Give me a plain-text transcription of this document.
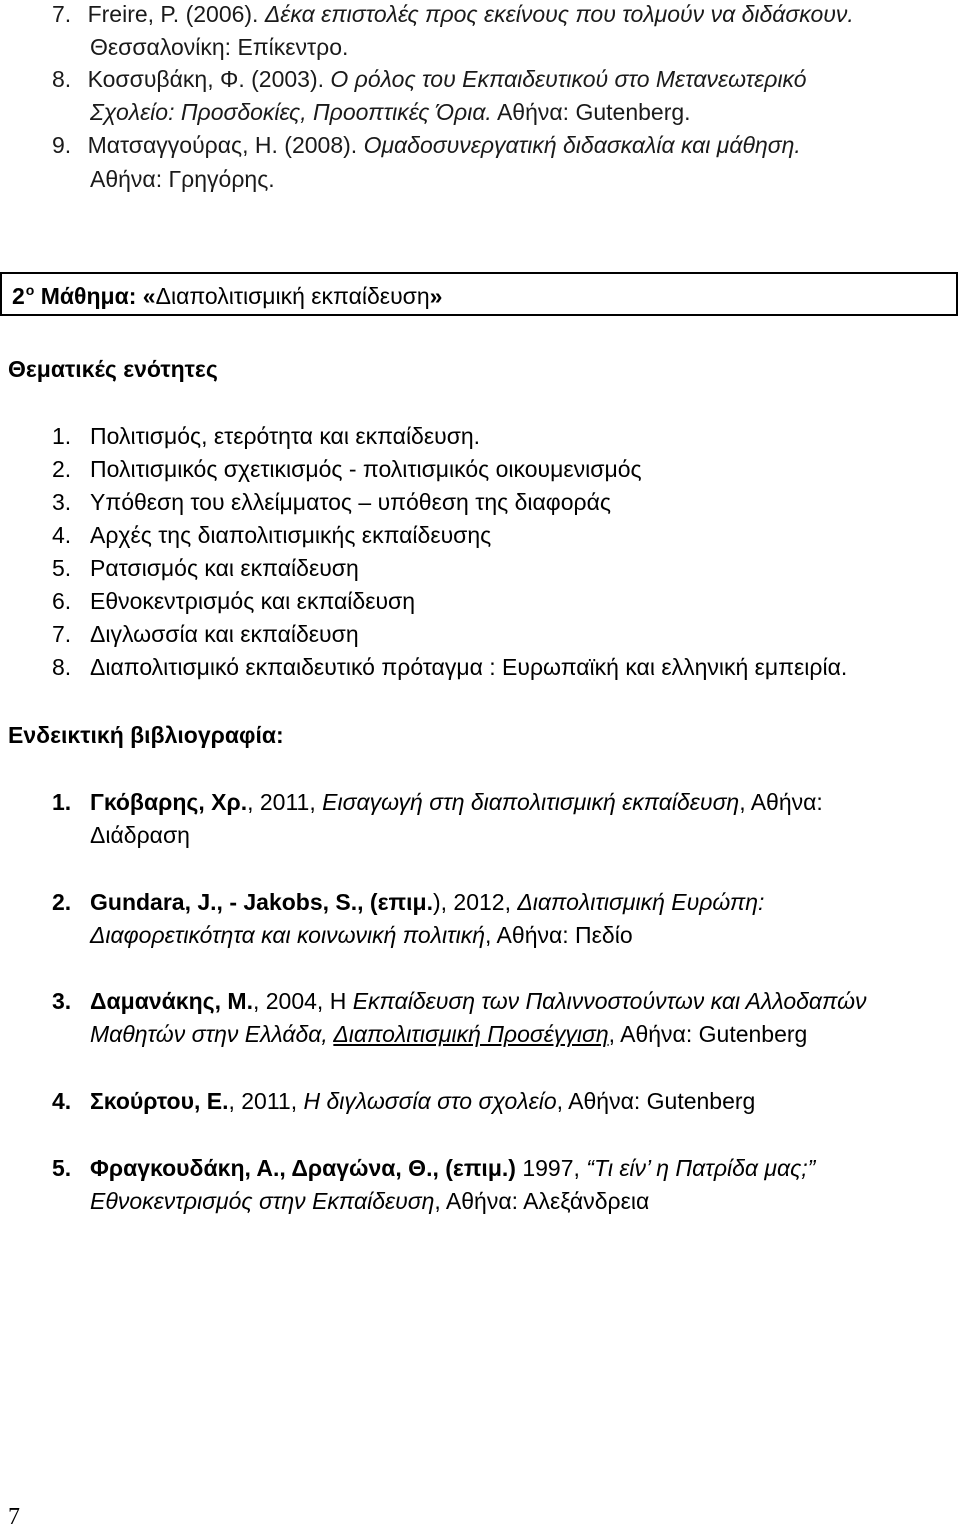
7. Freire, P. (2006). Δέκα επιστολές προς εκείνους που τολμούν να διδάσκουν.
Θεσσαλονίκη: Επίκεντρο.
8. Κοσσυβάκη, Φ. (2003). Ο ρόλος του Εκπαιδευτικού στο Μετανεωτερικό
Σχολείο: Προσδοκίες, Προοπτικές Όρια. Αθήνα: Gutenberg.
9. Ματσαγγούρας, Η. (2008). Ομαδοσυνεργατική διδασκαλία και μάθηση.
Αθήνα: Γρηγόρης.
$2^o$ Μάθημα: «Διαπολιτισμική εκπαίδευση»
Θεματικές ενότητες
1. Πολιτισμός, ετερότητα και εκπαίδευση.
2. Πολιτισμικός σχετικισμός - πολιτισμικός οικουμενισμός
3. Υπόθεση του ελλείμματος – υπόθεση της διαφοράς
4. Αρχές της διαπολιτισμικής εκπαίδευσης
5. Ρατσισμός και εκπαίδευση
6. Εθνοκεντρισμός και εκπαίδευση
7. Διγλωσσία και εκπαίδευση
8. Διαπολιτισμικό εκπαιδευτικό πρόταγμα : Ευρωπαϊκή και ελληνική εμπειρία.
Ενδεικτική βιβλιογραφία:
1. Γκόβαρης, Χρ., 2011, Εισαγωγή στη διαπολιτισμική εκπαίδευση, Αθήνα:
Διάδραση
2. Gundara, J., - Jakobs, S., (επιμ.), 2012, Διαπολιτισμική Ευρώπη:
Διαφορετικότητα και κοινωνική πολιτική, Αθήνα: Πεδίο
3. Δαμανάκης, Μ., 2004, Η Εκπαίδευση των Παλιννοστούντων και Αλλοδαπών
Μαθητών στην Ελλάδα, Διαπολιτισμική Προσέγγιση, Αθήνα: Gutenberg
4. Σκούρτου, Ε., 2011, Η διγλωσσία στο σχολείο, Αθήνα: Gutenberg
5. Φραγκουδάκη, Α., Δραγώνα, Θ., (επιμ.) 1997, “Τι είν’ η Πατρίδα μας;”
Εθνοκεντρισμός στην Εκπαίδευση, Αθήνα: Αλεξάνδρεια
7
